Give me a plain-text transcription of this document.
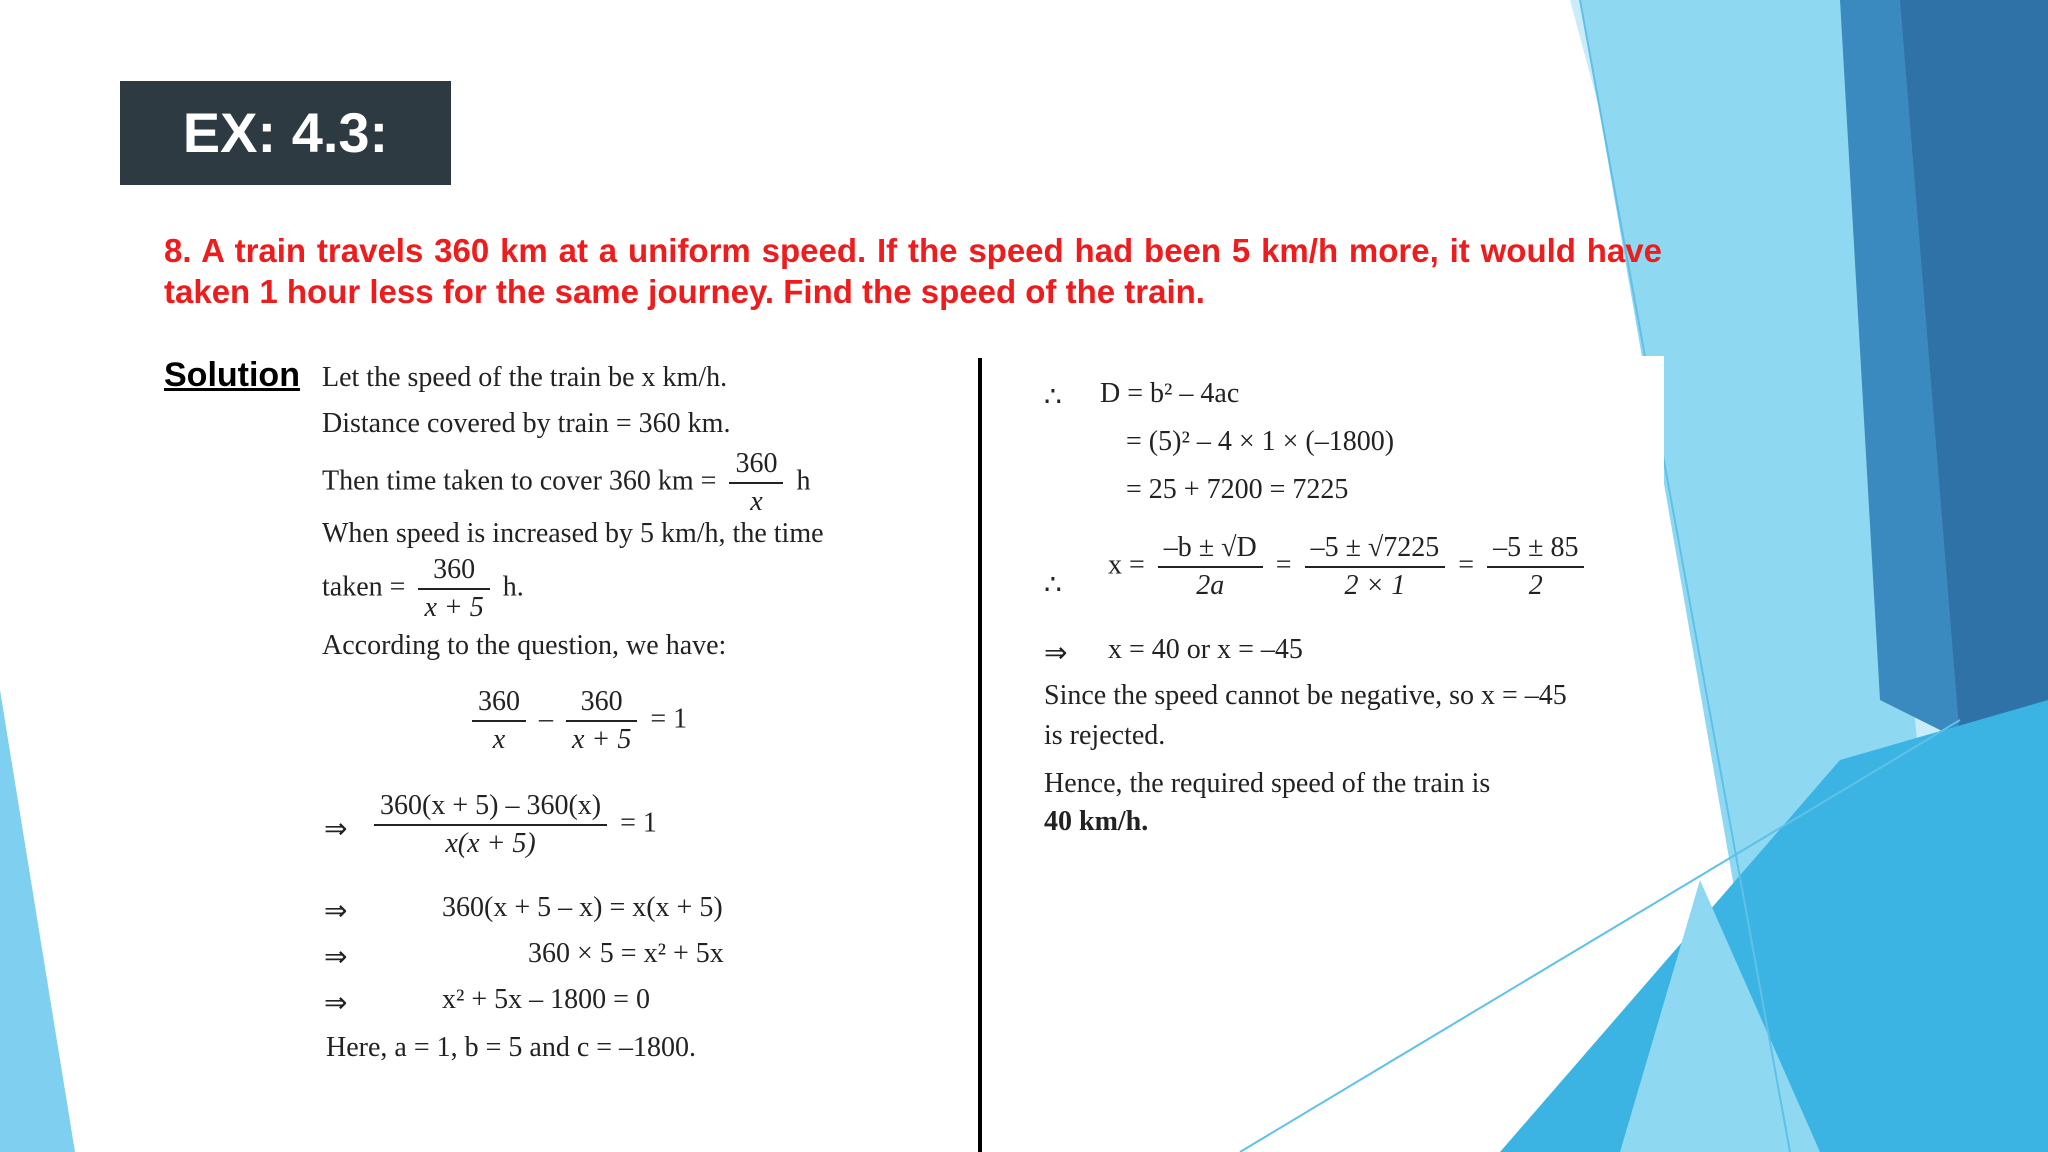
EX: 4.3:
8. A train travels 360 km at a uniform speed. If the speed had been 5 km/h more, it would have taken 1 hour less for the same journey. Find the speed of the train.
Solution Let the speed of the train be x km/h.
Distance covered by train = 360 km.
Then time taken to cover 360 km = $\frac{360}{x}$ h
When speed is increased by 5 km/h, the time
taken = $\frac{360}{x + 5} h$.
According to the question, we have:
$\frac{360}{x} - \frac{360}{x + 5} = 1$
⇒ $\frac{360(x + 5) - 360(x)}{x(x + 5)} = 1$
⇒	360(x + 5 – x) = x(x + 5)
⇒	360 × 5 = x² + 5x
⇒	x² + 5x – 1800 = 0
Here, a = 1, b = 5 and c = –1800.
∴ D = b² – 4ac
= (5)² – 4 × 1 × (–1800)
= 25 + 7200 = 7225
∴
$x = \frac{-b \pm √D}{2a} = \frac{-5 \pm √7225}{2 \times 1} = \frac{-5 \pm 85}{2}$
⇒ x = 40 or x = –45
Since the speed cannot be negative, so x = –45
is rejected.
Hence, the required speed of the train is
40 km/h.
